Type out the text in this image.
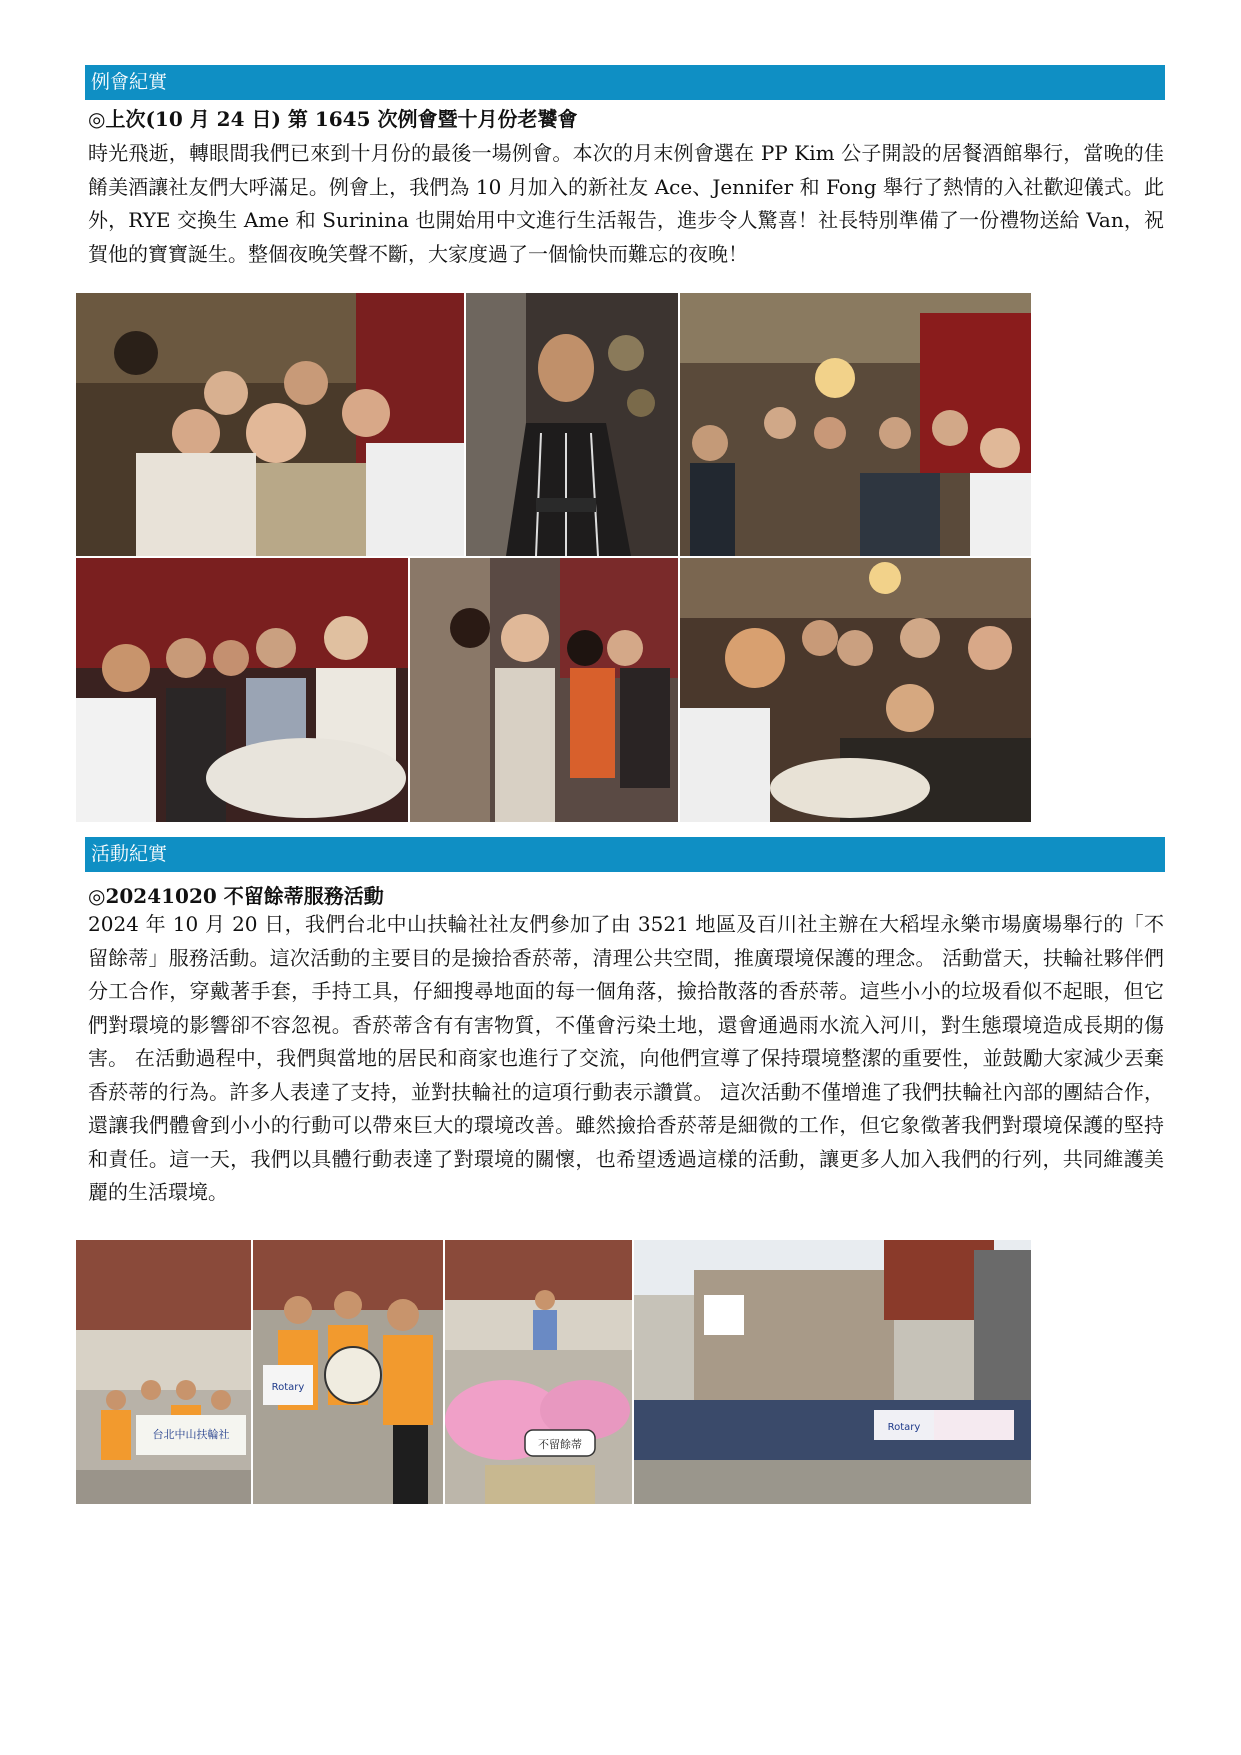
例會紀實
◎上次(10 月 24 日) 第 1645 次例會暨十月份老饕會

時光飛逝，轉眼間我們已來到十月份的最後一場例會。本次的月末例會選在 PP Kim 公子開設的居餐酒館舉行，當晚的佳餚美酒讓社友們大呼滿足。例會上，我們為 10 月加入的新社友 Ace、Jennifer 和 Fong 舉行了熱情的入社歡迎儀式。此外，RYE 交換生 Ame 和 Surinina 也開始用中文進行生活報告，進步令人驚喜！社長特別準備了一份禮物送給 Van，祝賀他的寶寶誕生。整個夜晚笑聲不斷，大家度過了一個愉快而難忘的夜晚！

活動紀實
◎20241020 不留餘蒂服務活動

2024 年 10 月 20 日，我們台北中山扶輪社社友們參加了由 3521 地區及百川社主辦在大稻埕永樂市場廣場舉行的「不留餘蒂」服務活動。這次活動的主要目的是撿拾香菸蒂，清理公共空間，推廣環境保護的理念。 活動當天，扶輪社夥伴們分工合作，穿戴著手套，手持工具，仔細搜尋地面的每一個角落，撿拾散落的香菸蒂。這些小小的垃圾看似不起眼，但它們對環境的影響卻不容忽視。香菸蒂含有有害物質，不僅會污染土地，還會通過雨水流入河川，對生態環境造成長期的傷害。 在活動過程中，我們與當地的居民和商家也進行了交流，向他們宣導了保持環境整潔的重要性，並鼓勵大家減少丟棄香菸蒂的行為。許多人表達了支持，並對扶輪社的這項行動表示讚賞。 這次活動不僅增進了我們扶輪社內部的團結合作，還讓我們體會到小小的行動可以帶來巨大的環境改善。雖然撿拾香菸蒂是細微的工作，但它象徵著我們對環境保護的堅持和責任。這一天，我們以具體行動表達了對環境的關懷，也希望透過這樣的活動，讓更多人加入我們的行列，共同維護美麗的生活環境。

台北中山扶輪社
Rotary
不留餘蒂
Rotary
